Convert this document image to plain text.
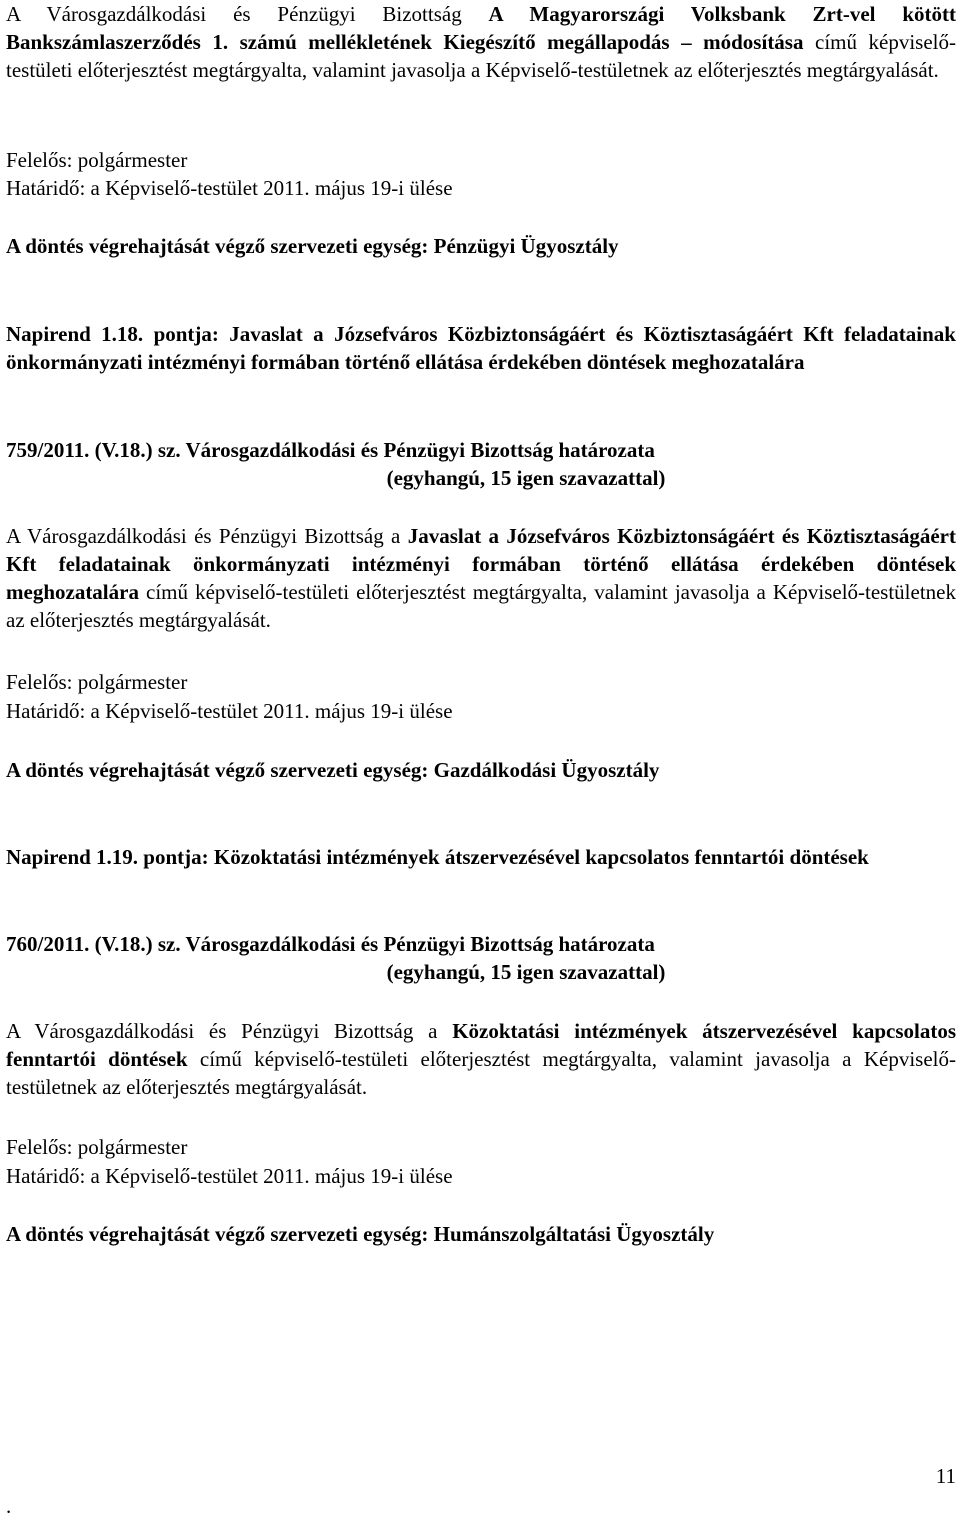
A Városgazdálkodási és Pénzügyi Bizottság A Magyarországi Volksbank Zrt-vel kötött Bankszámlaszerződés 1. számú mellékletének Kiegészítő megállapodás – módosítása című képviselő-testületi előterjesztést megtárgyalta, valamint javasolja a Képviselő-testületnek az előterjesztés megtárgyalását.
Felelős: polgármester
Határidő: a Képviselő-testület 2011. május 19-i ülése
A döntés végrehajtását végző szervezeti egység: Pénzügyi Ügyosztály
Napirend 1.18. pontja: Javaslat a Józsefváros Közbiztonságáért és Köztisztaságáért Kft feladatainak önkormányzati intézményi formában történő ellátása érdekében döntések meghozatalára
759/2011. (V.18.) sz. Városgazdálkodási és Pénzügyi Bizottság határozata
(egyhangú, 15 igen szavazattal)
A Városgazdálkodási és Pénzügyi Bizottság a Javaslat a Józsefváros Közbiztonságáért és Köztisztaságáért Kft feladatainak önkormányzati intézményi formában történő ellátása érdekében döntések meghozatalára című képviselő-testületi előterjesztést megtárgyalta, valamint javasolja a Képviselő-testületnek az előterjesztés megtárgyalását.
Felelős: polgármester
Határidő: a Képviselő-testület 2011. május 19-i ülése
A döntés végrehajtását végző szervezeti egység: Gazdálkodási Ügyosztály
Napirend 1.19. pontja: Közoktatási intézmények átszervezésével kapcsolatos fenntartói döntések
760/2011. (V.18.) sz. Városgazdálkodási és Pénzügyi Bizottság határozata
(egyhangú, 15 igen szavazattal)
A Városgazdálkodási és Pénzügyi Bizottság a Közoktatási intézmények átszervezésével kapcsolatos fenntartói döntések című képviselő-testületi előterjesztést megtárgyalta, valamint javasolja a Képviselő-testületnek az előterjesztés megtárgyalását.
Felelős: polgármester
Határidő: a Képviselő-testület 2011. május 19-i ülése
A döntés végrehajtását végző szervezeti egység: Humánszolgáltatási Ügyosztály
11
.
